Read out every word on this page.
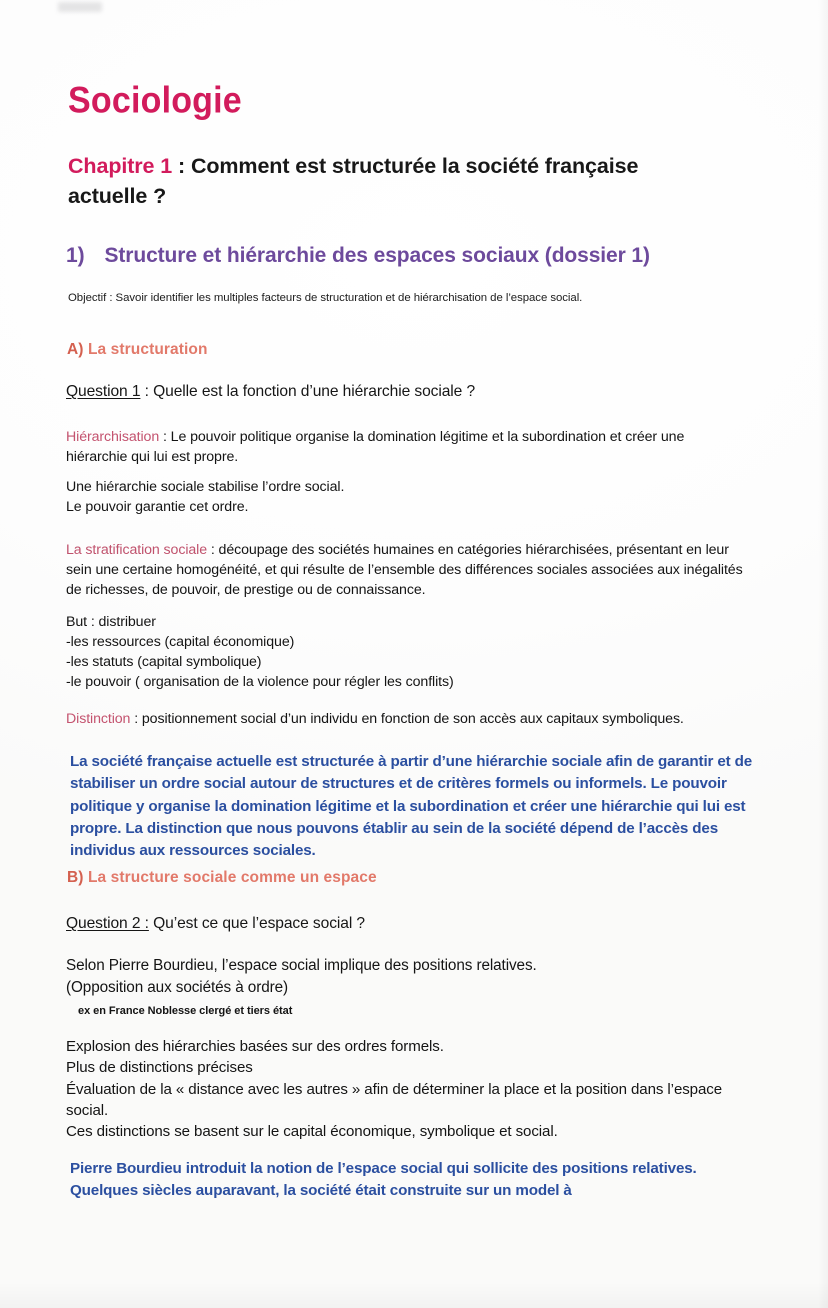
Sociologie
Chapitre 1 : Comment est structurée la société française actuelle ?
1) Structure et hiérarchie des espaces sociaux (dossier 1)
Objectif : Savoir identifier les multiples facteurs de structuration et de hiérarchisation de l’espace social.
A) La structuration
Question 1 : Quelle est la fonction d’une hiérarchie sociale ?
Hiérarchisation : Le pouvoir politique organise la domination légitime et la subordination et créer une hiérarchie qui lui est propre.
Une hiérarchie sociale stabilise l’ordre social.
Le pouvoir garantie cet ordre.
La stratification sociale : découpage des sociétés humaines en catégories hiérarchisées, présentant en leur sein une certaine homogénéité, et qui résulte de l’ensemble des différences sociales associées aux inégalités de richesses, de pouvoir, de prestige ou de connaissance.
But : distribuer
-les ressources (capital économique)
-les statuts (capital symbolique)
-le pouvoir ( organisation de la violence pour régler les conflits)
Distinction : positionnement social d’un individu en fonction de son accès aux capitaux symboliques.
La société française actuelle est structurée à partir d’une hiérarchie sociale afin de garantir et de stabiliser un ordre social autour de structures et de critères formels ou informels. Le pouvoir politique y organise la domination légitime et la subordination et créer une hiérarchie qui lui est propre. La distinction que nous pouvons établir au sein de la société dépend de l’accès des individus aux ressources sociales.
B) La structure sociale comme un espace
Question 2 : Qu’est ce que l’espace social ?
Selon Pierre Bourdieu, l’espace social implique des positions relatives.
(Opposition aux sociétés à ordre)
ex en France Noblesse clergé et tiers état
Explosion des hiérarchies basées sur des ordres formels.
Plus de distinctions précises
Évaluation de la « distance avec les autres » afin de déterminer la place et la position dans l’espace social.
Ces distinctions se basent sur le capital économique, symbolique et social.
Pierre Bourdieu introduit la notion de l’espace social qui sollicite des positions relatives. Quelques siècles auparavant, la société était construite sur un model à
